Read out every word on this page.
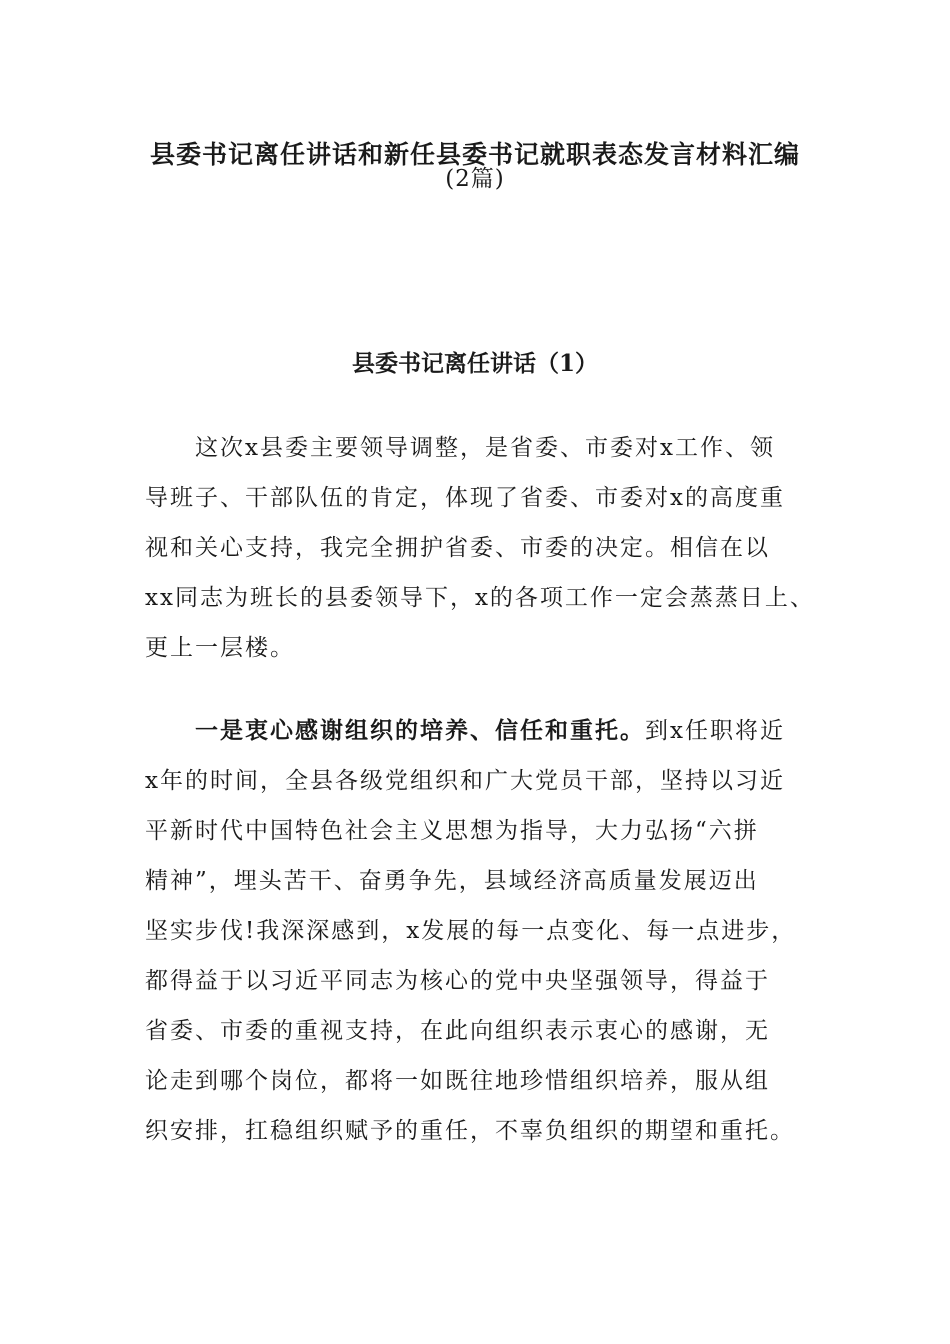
县委书记离任讲话和新任县委书记就职表态发言材料汇编
(2篇)
县委书记离任讲话（1）
这次x县委主要领导调整，是省委、市委对x工作、领
导班子、干部队伍的肯定，体现了省委、市委对x的高度重
视和关心支持，我完全拥护省委、市委的决定。相信在以
xx同志为班长的县委领导下，x的各项工作一定会蒸蒸日上、
更上一层楼。
一是衷心感谢组织的培养、信任和重托。到x任职将近
x年的时间，全县各级党组织和广大党员干部，坚持以习近
平新时代中国特色社会主义思想为指导，大力弘扬“六拼
精神”，埋头苦干、奋勇争先，县域经济高质量发展迈出
坚实步伐!我深深感到，x发展的每一点变化、每一点进步，
都得益于以习近平同志为核心的党中央坚强领导，得益于
省委、市委的重视支持，在此向组织表示衷心的感谢，无
论走到哪个岗位，都将一如既往地珍惜组织培养，服从组
织安排，扛稳组织赋予的重任，不辜负组织的期望和重托。
